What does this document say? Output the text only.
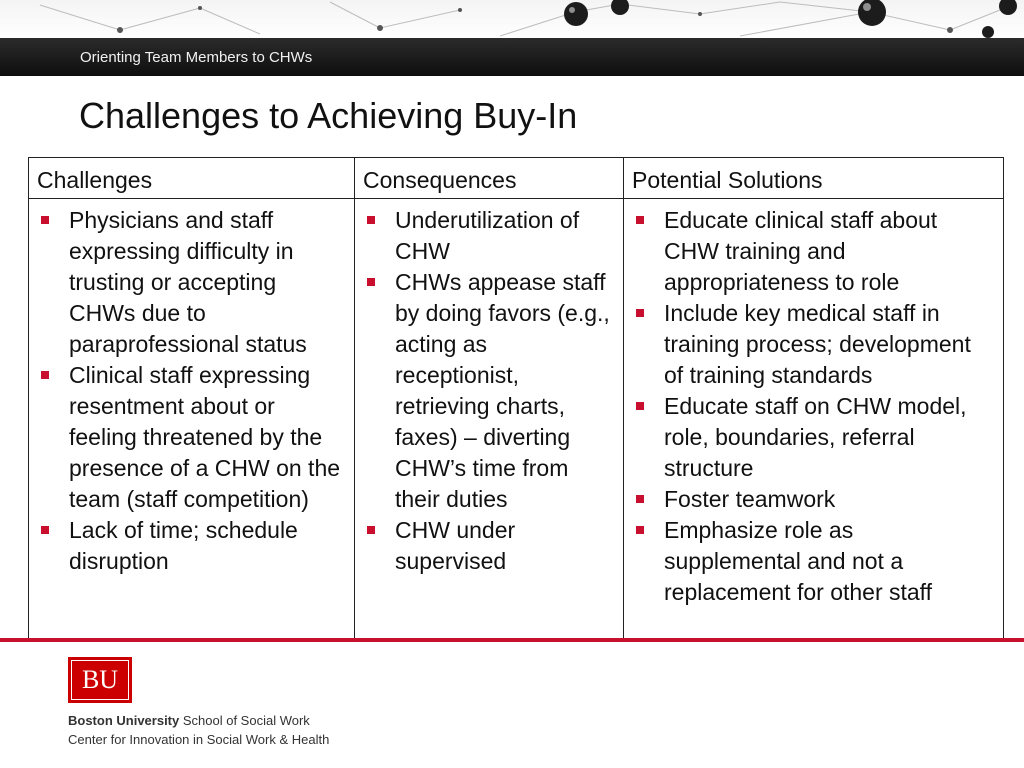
Orienting Team Members to CHWs
Challenges to Achieving Buy-In
Challenges	Consequences	Potential Solutions
Physicians and staff expressing difficulty in trusting or accepting CHWs due to paraprofessional status
Clinical staff expressing resentment about or feeling threatened by the presence of a CHW on the team (staff competition)
Lack of time; schedule disruption
Underutilization of CHW
CHWs appease staff by doing favors (e.g., acting as receptionist, retrieving charts, faxes) – diverting CHW’s time from their duties
CHW under supervised
Educate clinical staff about CHW training and appropriateness to role
Include key medical staff in training process; development of training standards
Educate staff on CHW model, role, boundaries, referral structure
Foster teamwork
Emphasize role as supplemental and not a replacement for other staff
BU
Boston University School of Social Work
Center for Innovation in Social Work & Health
